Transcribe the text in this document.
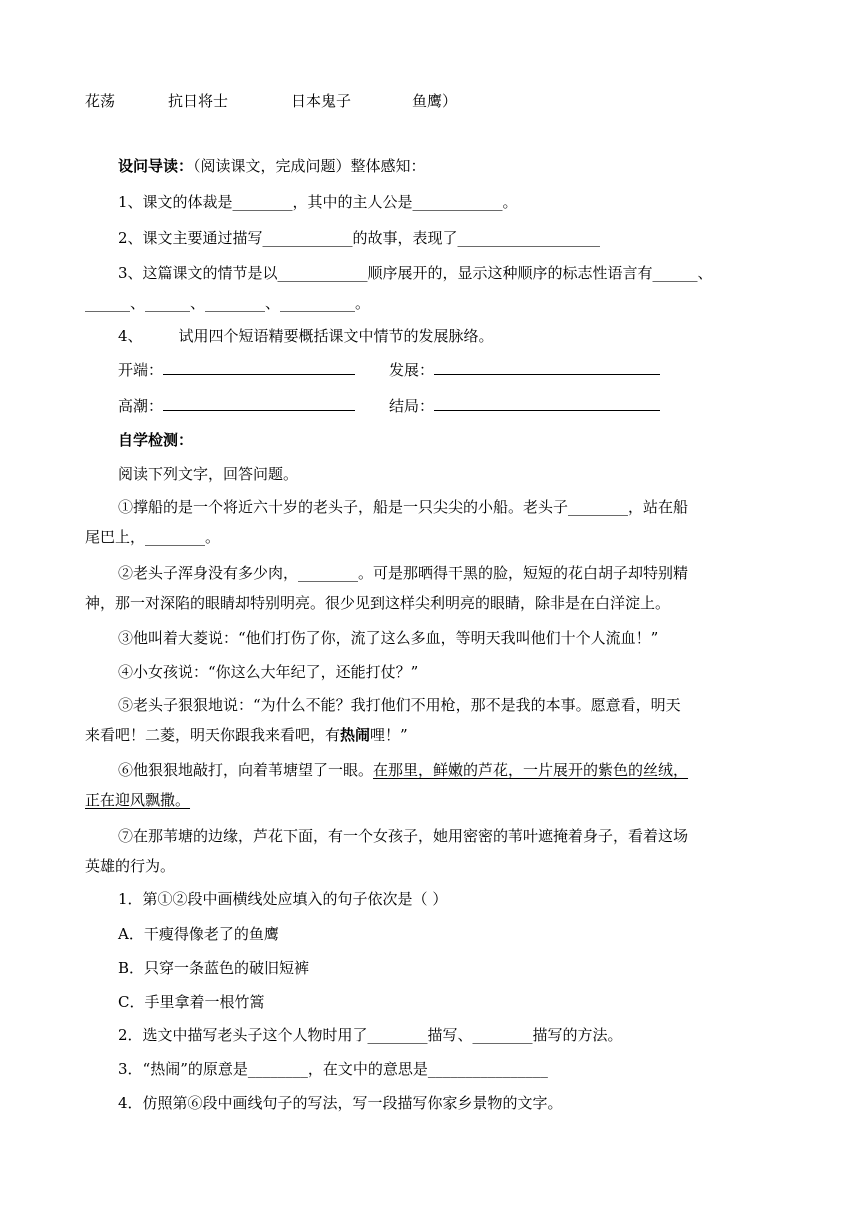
花荡	抗日将士	日本鬼子	鱼鹰）
设问导读：（阅读课文，完成问题）整体感知：
1、课文的体裁是________，其中的主人公是____________。
2、课文主要通过描写____________的故事，表现了___________________
3、这篇课文的情节是以____________顺序展开的，显示这种顺序的标志性语言有______、
______、______、________、__________。
4、 试用四个短语精要概括课文中情节的发展脉络。
开端：	发展：
高潮：	结局：
自学检测：
阅读下列文字，回答问题。
①撑船的是一个将近六十岁的老头子，船是一只尖尖的小船。老头子________，站在船
尾巴上，________。
②老头子浑身没有多少肉，________。可是那晒得干黑的脸，短短的花白胡子却特别精
神，那一对深陷的眼睛却特别明亮。很少见到这样尖利明亮的眼睛，除非是在白洋淀上。
③他叫着大菱说：“他们打伤了你，流了这么多血，等明天我叫他们十个人流血！”
④小女孩说：“你这么大年纪了，还能打仗？”
⑤老头子狠狠地说：“为什么不能？我打他们不用枪，那不是我的本事。愿意看，明天
来看吧！二菱，明天你跟我来看吧，有热闹哩！”
⑥他狠狠地敲打，向着苇塘望了一眼。在那里，鲜嫩的芦花，一片展开的紫色的丝绒，
正在迎风飘撒。
⑦在那苇塘的边缘，芦花下面，有一个女孩子，她用密密的苇叶遮掩着身子，看着这场
英雄的行为。
1．第①②段中画横线处应填入的句子依次是（ ）
A．干瘦得像老了的鱼鹰
B．只穿一条蓝色的破旧短裤
C．手里拿着一根竹篙
2．选文中描写老头子这个人物时用了________描写、________描写的方法。
3．“热闹”的原意是________，在文中的意思是________________
4．仿照第⑥段中画线句子的写法，写一段描写你家乡景物的文字。
